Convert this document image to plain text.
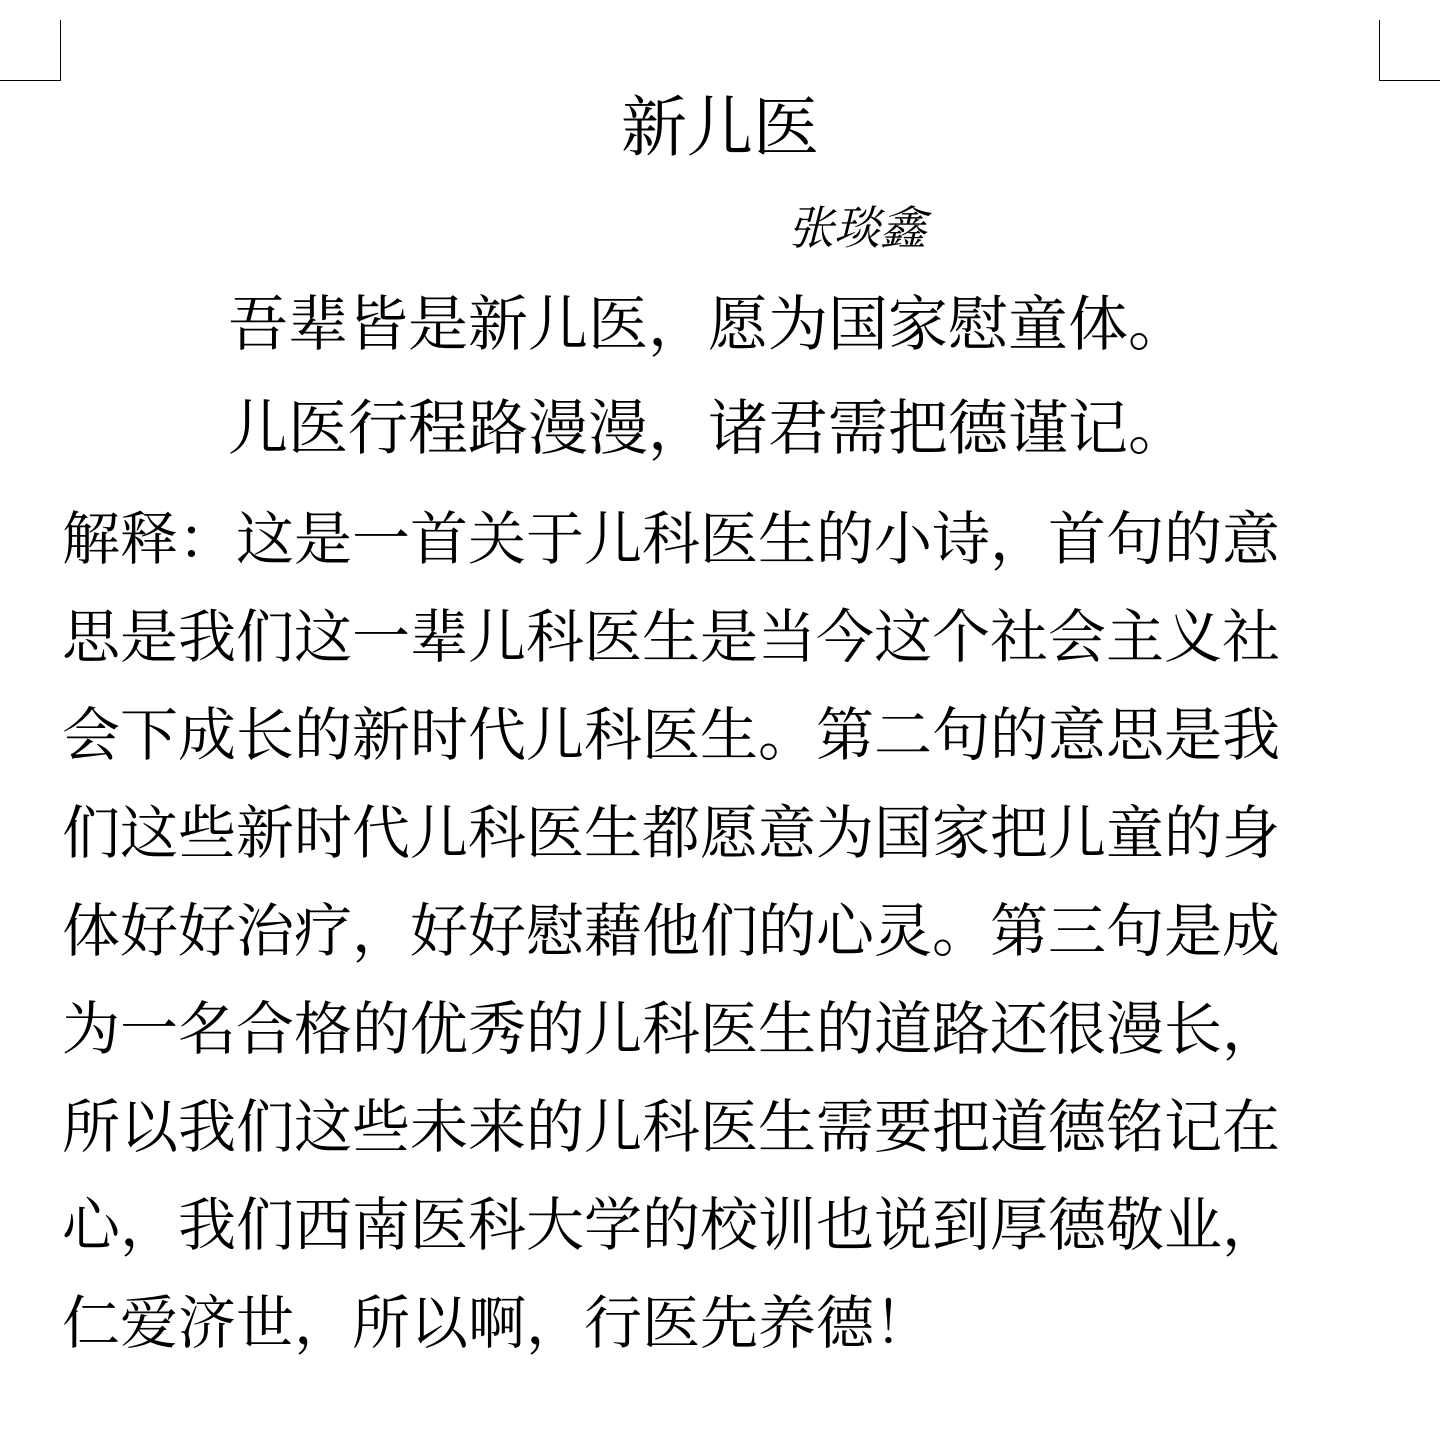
新儿医
张琰鑫
吾辈皆是新儿医，愿为国家慰童体。
儿医行程路漫漫，诸君需把德谨记。
解释：这是一首关于儿科医生的小诗，首句的意
思是我们这一辈儿科医生是当今这个社会主义社
会下成长的新时代儿科医生。第二句的意思是我
们这些新时代儿科医生都愿意为国家把儿童的身
体好好治疗，好好慰藉他们的心灵。第三句是成
为一名合格的优秀的儿科医生的道路还很漫长，
所以我们这些未来的儿科医生需要把道德铭记在
心，我们西南医科大学的校训也说到厚德敬业，
仁爱济世，所以啊，行医先养德！
